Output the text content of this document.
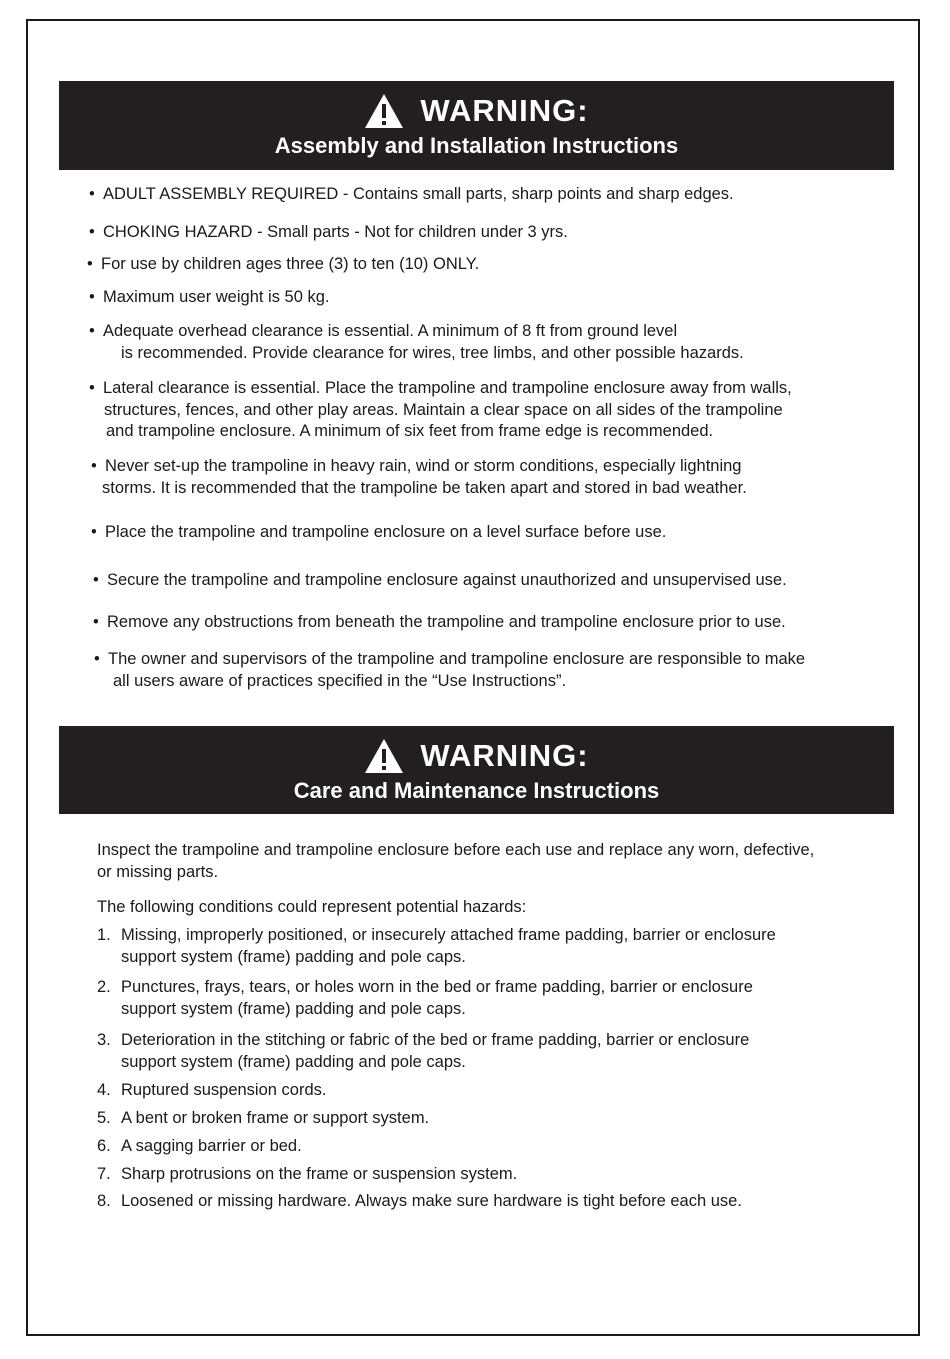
WARNING:
Assembly and Installation Instructions
• ADULT ASSEMBLY REQUIRED - Contains small parts, sharp points and sharp edges.
• CHOKING HAZARD - Small parts - Not for children under 3 yrs.
• For use by children ages three (3) to ten (10) ONLY.
• Maximum user weight is 50 kg.
• Adequate overhead clearance is essential. A minimum of 8 ft from ground level
is recommended. Provide clearance for wires, tree limbs, and other possible hazards.
• Lateral clearance is essential. Place the trampoline and trampoline enclosure away from walls,
structures, fences, and other play areas. Maintain a clear space on all sides of the trampoline
and trampoline enclosure. A minimum of six feet from frame edge is recommended.
• Never set-up the trampoline in heavy rain, wind or storm conditions, especially lightning
storms. It is recommended that the trampoline be taken apart and stored in bad weather.
• Place the trampoline and trampoline enclosure on a level surface before use.
• Secure the trampoline and trampoline enclosure against unauthorized and unsupervised use.
• Remove any obstructions from beneath the trampoline and trampoline enclosure prior to use.
• The owner and supervisors of the trampoline and trampoline enclosure are responsible to make
all users aware of practices specified in the “Use Instructions”.
WARNING:
Care and Maintenance Instructions
Inspect the trampoline and trampoline enclosure before each use and replace any worn, defective,
or missing parts.
The following conditions could represent potential hazards:
1. Missing, improperly positioned, or insecurely attached frame padding, barrier or enclosure
support system (frame) padding and pole caps.
2. Punctures, frays, tears, or holes worn in the bed or frame padding, barrier or enclosure
support system (frame) padding and pole caps.
3. Deterioration in the stitching or fabric of the bed or frame padding, barrier or enclosure
support system (frame) padding and pole caps.
4. Ruptured suspension cords.
5. A bent or broken frame or support system.
6. A sagging barrier or bed.
7. Sharp protrusions on the frame or suspension system.
8. Loosened or missing hardware. Always make sure hardware is tight before each use.
